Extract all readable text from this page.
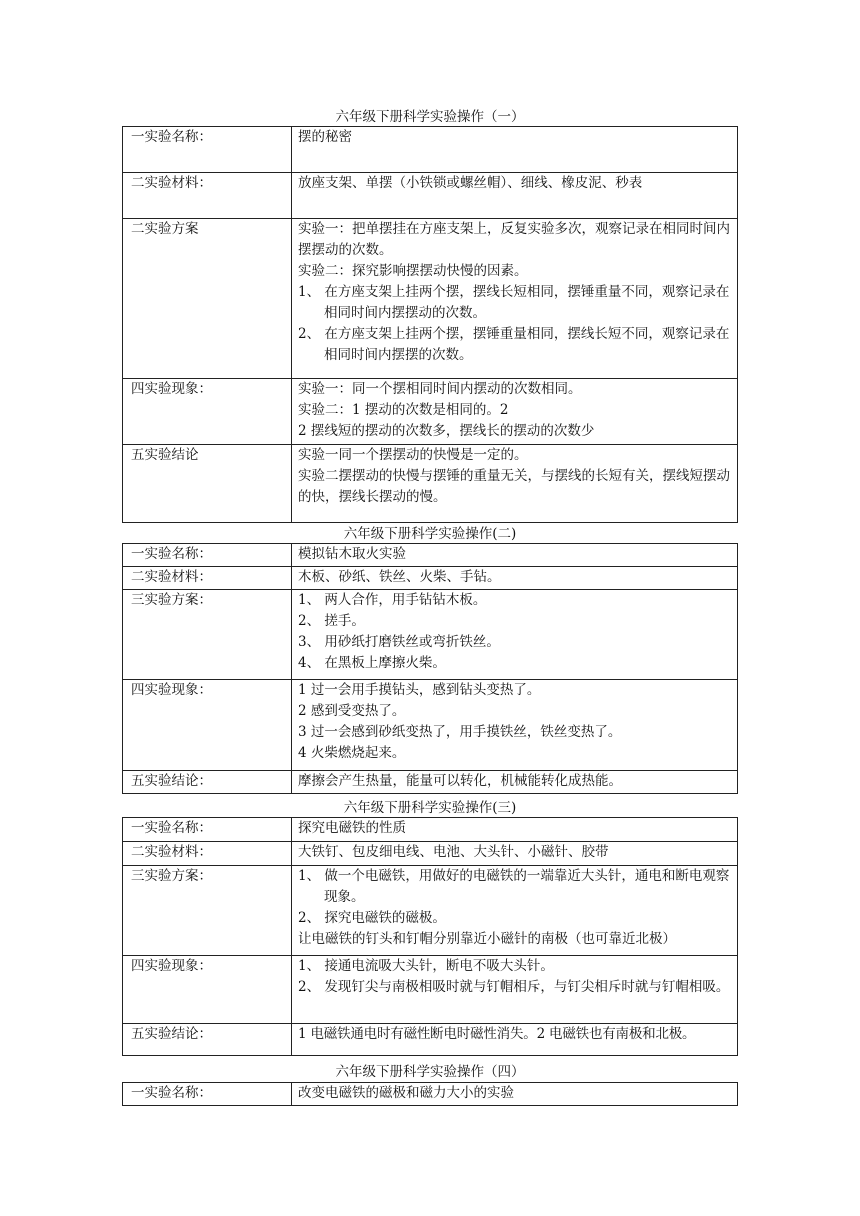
六年级下册科学实验操作（一）
一实验名称：	摆的秘密

二实验材料：	放座支架、单摆（小铁锁或螺丝帽）、细线、橡皮泥、秒表

二实验方案	实验一：把单摆挂在方座支架上，反复实验多次，观察记录在相同时间内摆摆动的次数。
实验二：探究影响摆摆动快慢的因素。
1、 在方座支架上挂两个摆，摆线长短相同，摆锤重量不同，观察记录在相同时间内摆摆动的次数。
2、 在方座支架上挂两个摆，摆锤重量相同，摆线长短不同，观察记录在相同时间内摆摆的次数。

四实验现象：	实验一：同一个摆相同时间内摆动的次数相同。
实验二：1 摆动的次数是相同的。2
2 摆线短的摆动的次数多，摆线长的摆动的次数少

五实验结论	实验一同一个摆摆动的快慢是一定的。
实验二摆摆动的快慢与摆锤的重量无关，与摆线的长短有关，摆线短摆动的快，摆线长摆动的慢。
六年级下册科学实验操作(二)
一实验名称：	模拟钻木取火实验

二实验材料：	木板、砂纸、铁丝、火柴、手钻。

三实验方案：	1、 两人合作，用手钻钻木板。
2、 搓手。
3、 用砂纸打磨铁丝或弯折铁丝。
4、 在黑板上摩擦火柴。

四实验现象：	1 过一会用手摸钻头，感到钻头变热了。
2 感到受变热了。
3 过一会感到砂纸变热了，用手摸铁丝，铁丝变热了。
4 火柴燃烧起来。

五实验结论：	摩擦会产生热量，能量可以转化，机械能转化成热能。
六年级下册科学实验操作(三)
一实验名称：	探究电磁铁的性质

二实验材料：	大铁钉、包皮细电线、电池、大头针、小磁针、胶带

三实验方案：	1、 做一个电磁铁，用做好的电磁铁的一端靠近大头针，通电和断电观察现象。
2、 探究电磁铁的磁极。
让电磁铁的钉头和钉帽分别靠近小磁针的南极（也可靠近北极）

四实验现象：	1、 接通电流吸大头针，断电不吸大头针。
2、 发现钉尖与南极相吸时就与钉帽相斥，与钉尖相斥时就与钉帽相吸。

五实验结论：	1 电磁铁通电时有磁性断电时磁性消失。2 电磁铁也有南极和北极。
六年级下册科学实验操作（四）
一实验名称：	改变电磁铁的磁极和磁力大小的实验
